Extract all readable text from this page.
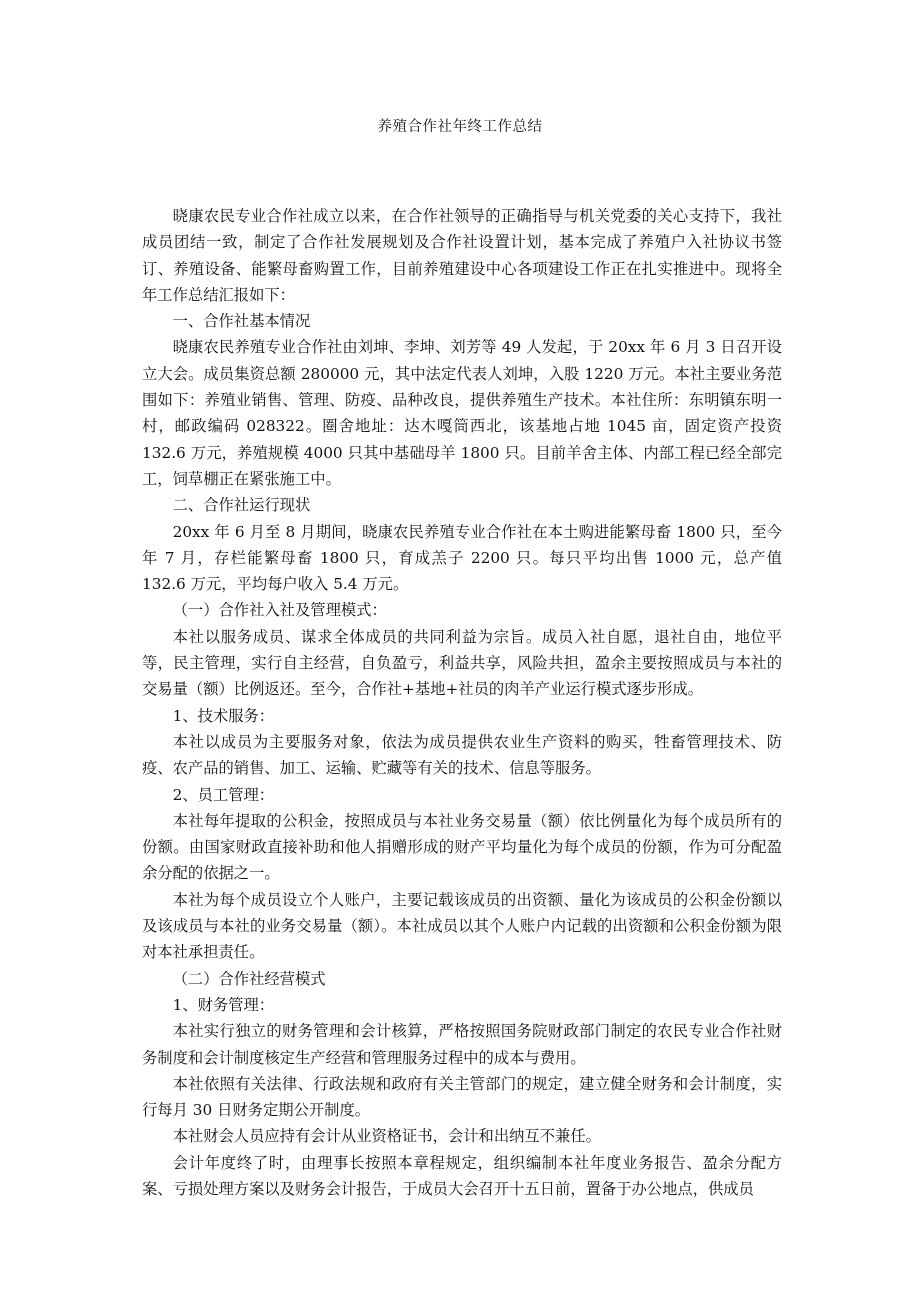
养殖合作社年终工作总结

晓康农民专业合作社成立以来，在合作社领导的正确指导与机关党委的关心支持下，我社成员团结一致，制定了合作社发展规划及合作社设置计划，基本完成了养殖户入社协议书签订、养殖设备、能繁母畜购置工作，目前养殖建设中心各项建设工作正在扎实推进中。现将全年工作总结汇报如下：

一、合作社基本情况

晓康农民养殖专业合作社由刘坤、李坤、刘芳等 49 人发起，于 20xx 年 6 月 3 日召开设立大会。成员集资总额 280000 元，其中法定代表人刘坤，入股 1220 万元。本社主要业务范围如下：养殖业销售、管理、防疫、品种改良，提供养殖生产技术。本社住所：东明镇东明一村，邮政编码 028322。圈舍地址：达木嘎筒西北，该基地占地 1045 亩，固定资产投资 132.6 万元，养殖规模 4000 只其中基础母羊 1800 只。目前羊舍主体、内部工程已经全部完工，饲草棚正在紧张施工中。

二、合作社运行现状

20xx 年 6 月至 8 月期间，晓康农民养殖专业合作社在本土购进能繁母畜 1800 只，至今年 7 月，存栏能繁母畜 1800 只，育成羔子 2200 只。每只平均出售 1000 元，总产值 132.6 万元，平均每户收入 5.4 万元。

（一）合作社入社及管理模式：

本社以服务成员、谋求全体成员的共同利益为宗旨。成员入社自愿，退社自由，地位平等，民主管理，实行自主经营，自负盈亏，利益共享，风险共担，盈余主要按照成员与本社的交易量（额）比例返还。至今，合作社+基地+社员的肉羊产业运行模式逐步形成。

1、技术服务：

本社以成员为主要服务对象，依法为成员提供农业生产资料的购买，牲畜管理技术、防疫、农产品的销售、加工、运输、贮藏等有关的技术、信息等服务。

2、员工管理：

本社每年提取的公积金，按照成员与本社业务交易量（额）依比例量化为每个成员所有的份额。由国家财政直接补助和他人捐赠形成的财产平均量化为每个成员的份额，作为可分配盈余分配的依据之一。

本社为每个成员设立个人账户，主要记载该成员的出资额、量化为该成员的公积金份额以及该成员与本社的业务交易量（额）。本社成员以其个人账户内记载的出资额和公积金份额为限对本社承担责任。

（二）合作社经营模式

1、财务管理：

本社实行独立的财务管理和会计核算，严格按照国务院财政部门制定的农民专业合作社财务制度和会计制度核定生产经营和管理服务过程中的成本与费用。

本社依照有关法律、行政法规和政府有关主管部门的规定，建立健全财务和会计制度，实行每月 30 日财务定期公开制度。

本社财会人员应持有会计从业资格证书，会计和出纳互不兼任。

会计年度终了时，由理事长按照本章程规定，组织编制本社年度业务报告、盈余分配方案、亏损处理方案以及财务会计报告，于成员大会召开十五日前，置备于办公地点，供成员
